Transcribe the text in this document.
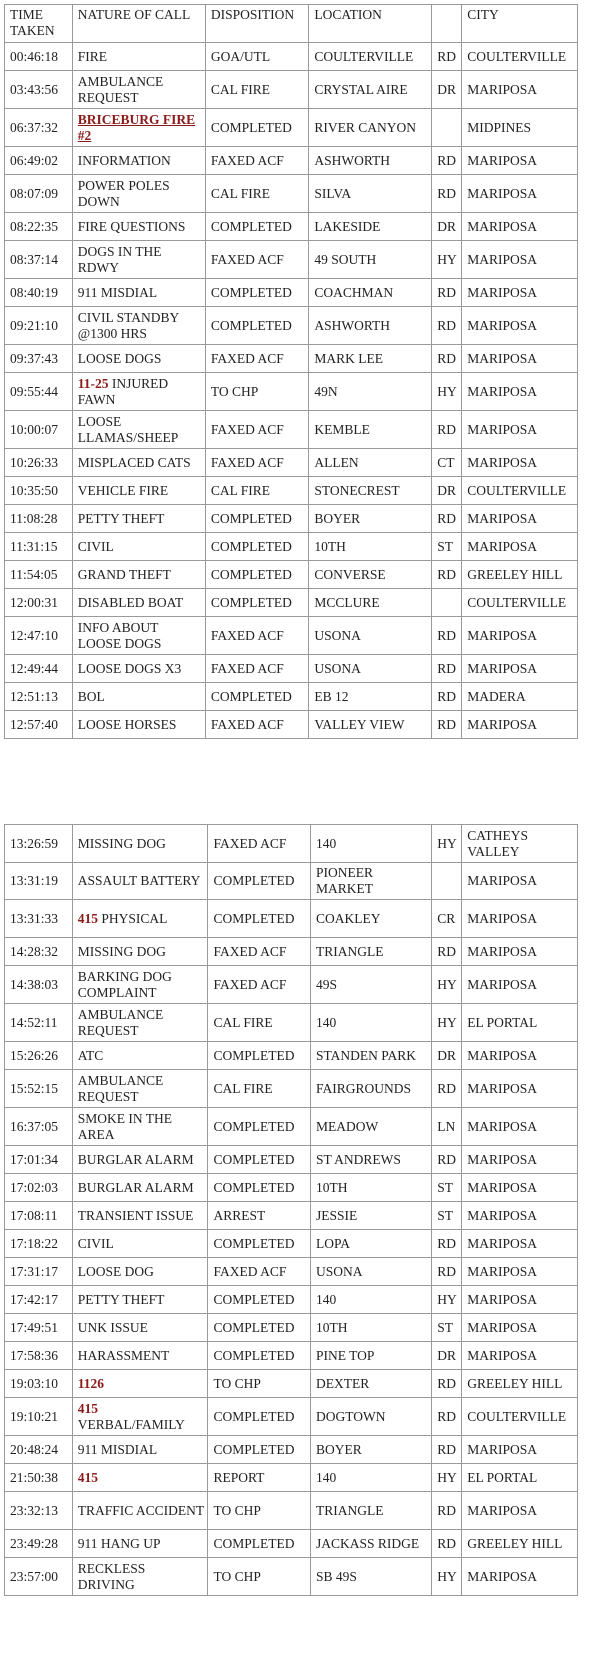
TIME TAKEN	NATURE OF CALL	DISPOSITION	LOCATION		CITY
00:46:18	FIRE	GOA/UTL	COULTERVILLE	RD	COULTERVILLE
03:43:56	AMBULANCE REQUEST	CAL FIRE	CRYSTAL AIRE	DR	MARIPOSA
06:37:32	BRICEBURG FIRE #2	COMPLETED	RIVER CANYON		MIDPINES
06:49:02	INFORMATION	FAXED ACF	ASHWORTH	RD	MARIPOSA
08:07:09	POWER POLES DOWN	CAL FIRE	SILVA	RD	MARIPOSA
08:22:35	FIRE QUESTIONS	COMPLETED	LAKESIDE	DR	MARIPOSA
08:37:14	DOGS IN THE RDWY	FAXED ACF	49 SOUTH	HY	MARIPOSA
08:40:19	911 MISDIAL	COMPLETED	COACHMAN	RD	MARIPOSA
09:21:10	CIVIL STANDBY @1300 HRS	COMPLETED	ASHWORTH	RD	MARIPOSA
09:37:43	LOOSE DOGS	FAXED ACF	MARK LEE	RD	MARIPOSA
09:55:44	11-25 INJURED FAWN	TO CHP	49N	HY	MARIPOSA
10:00:07	LOOSE LLAMAS/SHEEP	FAXED ACF	KEMBLE	RD	MARIPOSA
10:26:33	MISPLACED CATS	FAXED ACF	ALLEN	CT	MARIPOSA
10:35:50	VEHICLE FIRE	CAL FIRE	STONECREST	DR	COULTERVILLE
11:08:28	PETTY THEFT	COMPLETED	BOYER	RD	MARIPOSA
11:31:15	CIVIL	COMPLETED	10TH	ST	MARIPOSA
11:54:05	GRAND THEFT	COMPLETED	CONVERSE	RD	GREELEY HILL
12:00:31	DISABLED BOAT	COMPLETED	MCCLURE		COULTERVILLE
12:47:10	INFO ABOUT LOOSE DOGS	FAXED ACF	USONA	RD	MARIPOSA
12:49:44	LOOSE DOGS X3	FAXED ACF	USONA	RD	MARIPOSA
12:51:13	BOL	COMPLETED	EB 12	RD	MADERA
12:57:40	LOOSE HORSES	FAXED ACF	VALLEY VIEW	RD	MARIPOSA
13:26:59	MISSING DOG	FAXED ACF	140	HY	CATHEYS VALLEY
13:31:19	ASSAULT BATTERY	COMPLETED	PIONEER MARKET		MARIPOSA
13:31:33	415 PHYSICAL	COMPLETED	COAKLEY	CR	MARIPOSA
14:28:32	MISSING DOG	FAXED ACF	TRIANGLE	RD	MARIPOSA
14:38:03	BARKING DOG COMPLAINT	FAXED ACF	49S	HY	MARIPOSA
14:52:11	AMBULANCE REQUEST	CAL FIRE	140	HY	EL PORTAL
15:26:26	ATC	COMPLETED	STANDEN PARK	DR	MARIPOSA
15:52:15	AMBULANCE REQUEST	CAL FIRE	FAIRGROUNDS	RD	MARIPOSA
16:37:05	SMOKE IN THE AREA	COMPLETED	MEADOW	LN	MARIPOSA
17:01:34	BURGLAR ALARM	COMPLETED	ST ANDREWS	RD	MARIPOSA
17:02:03	BURGLAR ALARM	COMPLETED	10TH	ST	MARIPOSA
17:08:11	TRANSIENT ISSUE	ARREST	JESSIE	ST	MARIPOSA
17:18:22	CIVIL	COMPLETED	LOPA	RD	MARIPOSA
17:31:17	LOOSE DOG	FAXED ACF	USONA	RD	MARIPOSA
17:42:17	PETTY THEFT	COMPLETED	140	HY	MARIPOSA
17:49:51	UNK ISSUE	COMPLETED	10TH	ST	MARIPOSA
17:58:36	HARASSMENT	COMPLETED	PINE TOP	DR	MARIPOSA
19:03:10	1126	TO CHP	DEXTER	RD	GREELEY HILL
19:10:21	415 VERBAL/FAMILY	COMPLETED	DOGTOWN	RD	COULTERVILLE
20:48:24	911 MISDIAL	COMPLETED	BOYER	RD	MARIPOSA
21:50:38	415	REPORT	140	HY	EL PORTAL
23:32:13	TRAFFIC ACCIDENT	TO CHP	TRIANGLE	RD	MARIPOSA
23:49:28	911 HANG UP	COMPLETED	JACKASS RIDGE	RD	GREELEY HILL
23:57:00	RECKLESS DRIVING	TO CHP	SB 49S	HY	MARIPOSA
